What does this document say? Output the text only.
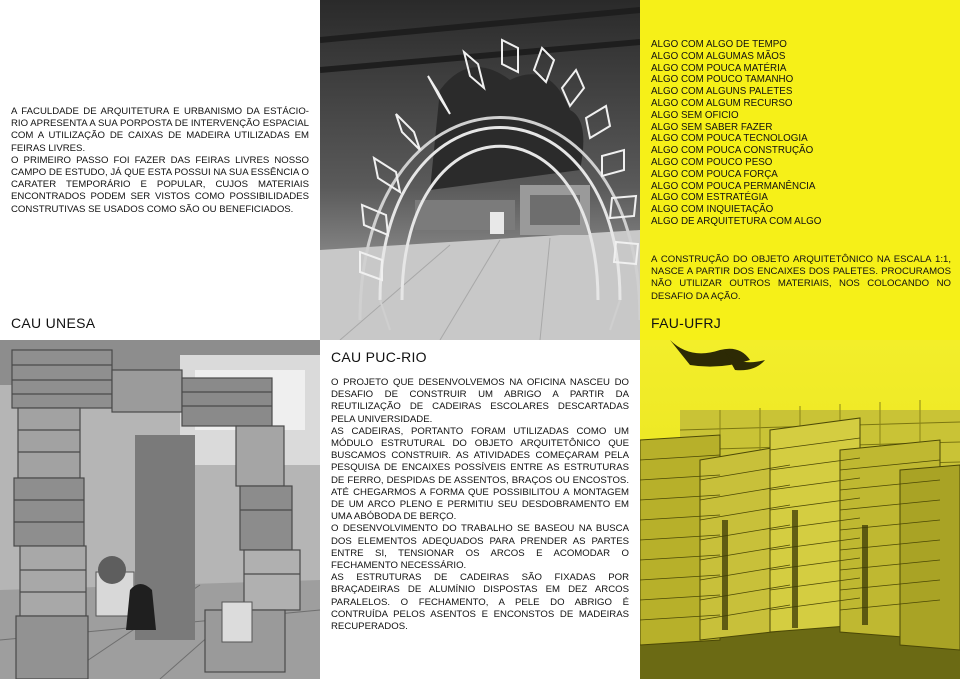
A FACULDADE DE ARQUITETURA E URBANISMO DA ESTÁCIO-RIO APRESENTA A SUA PORPOSTA DE INTERVENÇÃO ESPACIAL COM A UTILIZAÇÃO DE CAIXAS DE MADEIRA UTILIZADAS EM FEIRAS LIVRES.

O PRIMEIRO PASSO FOI FAZER DAS FEIRAS LIVRES NOSSO CAMPO DE ESTUDO, JÁ QUE ESTA POSSUI NA SUA ESSÊNCIA O CARATER TEMPORÁRIO E POPULAR, CUJOS MATERIAIS ENCONTRADOS PODEM SER VISTOS COMO POSSIBILIDADES CONSTRUTIVAS SE USADOS COMO SÃO OU BENEFICIADOS.

CAU UNESA
ALGO COM ALGO DE TEMPO
ALGO COM ALGUMAS MÃOS
ALGO COM POUCA MATÉRIA
ALGO COM POUCO TAMANHO
ALGO COM ALGUNS PALETES
ALGO COM ALGUM RECURSO
ALGO SEM OFICIO
ALGO SEM SABER FAZER
ALGO COM POUCA TECNOLOGIA
ALGO COM POUCA CONSTRUÇÃO
ALGO COM POUCO PESO
ALGO COM POUCA FORÇA
ALGO COM POUCA PERMANÊNCIA
ALGO COM ESTRATÉGIA
ALGO COM INQUIETAÇÃO
ALGO DE ARQUITETURA COM ALGO

A CONSTRUÇÃO DO OBJETO ARQUITETÔNICO NA ESCALA 1:1, NASCE A PARTIR DOS ENCAIXES DOS PALETES. PROCURAMOS NÃO UTILIZAR OUTROS MATERIAIS, NOS COLOCANDO NO DESAFIO DA AÇÃO.

FAU-UFRJ
CAU PUC-RIO

O PROJETO QUE DESENVOLVEMOS NA OFICINA NASCEU DO DESAFIO DE CONSTRUIR UM ABRIGO A PARTIR DA REUTILIZAÇÃO DE CADEIRAS ESCOLARES DESCARTADAS PELA UNIVERSIDADE.

AS CADEIRAS, PORTANTO FORAM UTILIZADAS COMO UM MÓDULO ESTRUTURAL DO OBJETO ARQUITETÔNICO QUE BUSCAMOS CONSTRUIR. AS ATIVIDADES COMEÇARAM PELA PESQUISA DE ENCAIXES POSSÍVEIS ENTRE AS ESTRUTURAS DE FERRO, DESPIDAS DE ASSENTOS, BRAÇOS OU ENCOSTOS. ATÉ CHEGARMOS A FORMA QUE POSSIBILITOU A MONTAGEM DE UM ARCO PLENO E PERMITIU SEU DESDOBRAMENTO EM UMA ABÓBODA DE BERÇO.

O DESENVOLVIMENTO DO TRABALHO SE BASEOU NA BUSCA DOS ELEMENTOS ADEQUADOS PARA PRENDER AS PARTES ENTRE SI, TENSIONAR OS ARCOS E ACOMODAR O FECHAMENTO NECESSÁRIO.

AS ESTRUTURAS DE CADEIRAS SÃO FIXADAS POR BRAÇADEIRAS DE ALUMÍNIO DISPOSTAS EM DEZ ARCOS PARALELOS. O FECHAMENTO, A PELE DO ABRIGO É CONTRUÍDA PELOS ASENTOS E ENCONSTOS DE MADEIRAS RECUPERADOS.
